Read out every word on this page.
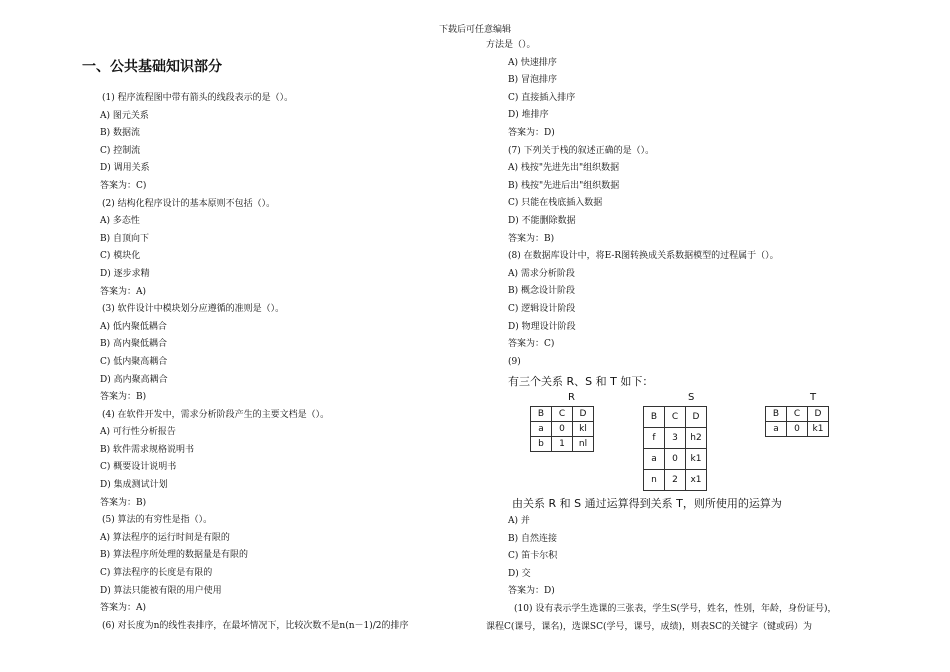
下载后可任意编辑
一、公共基础知识部分
(1) 程序流程图中带有箭头的线段表示的是（）。
A) 图元关系
B) 数据流
C) 控制流
D) 调用关系
答案为：C)
(2) 结构化程序设计的基本原则不包括（）。
A) 多态性
B) 自顶向下
C) 模块化
D) 逐步求精
答案为：A)
(3) 软件设计中模块划分应遵循的准则是（）。
A) 低内聚低耦合
B) 高内聚低耦合
C) 低内聚高耦合
D) 高内聚高耦合
答案为：B)
(4) 在软件开发中，需求分析阶段产生的主要文档是（）。
A) 可行性分析报告
B) 软件需求规格说明书
C) 概要设计说明书
D) 集成测试计划
答案为：B)
(5) 算法的有穷性是指（）。
A) 算法程序的运行时间是有限的
B) 算法程序所处理的数据量是有限的
C) 算法程序的长度是有限的
D) 算法只能被有限的用户使用
答案为：A)
(6) 对长度为n的线性表排序，在最坏情况下，比较次数不是n(n－1)/2的排序
方法是（）。
A) 快速排序
B) 冒泡排序
C) 直接插入排序
D) 堆排序
答案为：D)
(7) 下列关于栈的叙述正确的是（）。
A) 栈按"先进先出"组织数据
B) 栈按"先进后出"组织数据
C) 只能在栈底插入数据
D) 不能删除数据
答案为：B)
(8) 在数据库设计中，将E-R图转换成关系数据模型的过程属于（）。
A) 需求分析阶段
B) 概念设计阶段
C) 逻辑设计阶段
D) 物理设计阶段
答案为：C)
(9)
有三个关系 R、S 和 T 如下：
R	S	T
B	C	D
a	0	kl
b	1	nl
B	C	D
f	3	h2
a	0	k1
n	2	x1
B	C	D
a	0	k1
由关系 R 和 S 通过运算得到关系 T，则所使用的运算为
A) 并
B) 自然连接
C) 笛卡尔积
D) 交
答案为：D)
(10) 设有表示学生选课的三张表，学生S(学号，姓名，性别，年龄，身份证号)，
课程C(课号，课名)，选课SC(学号，课号，成绩)，则表SC的关键字（键或码）为
